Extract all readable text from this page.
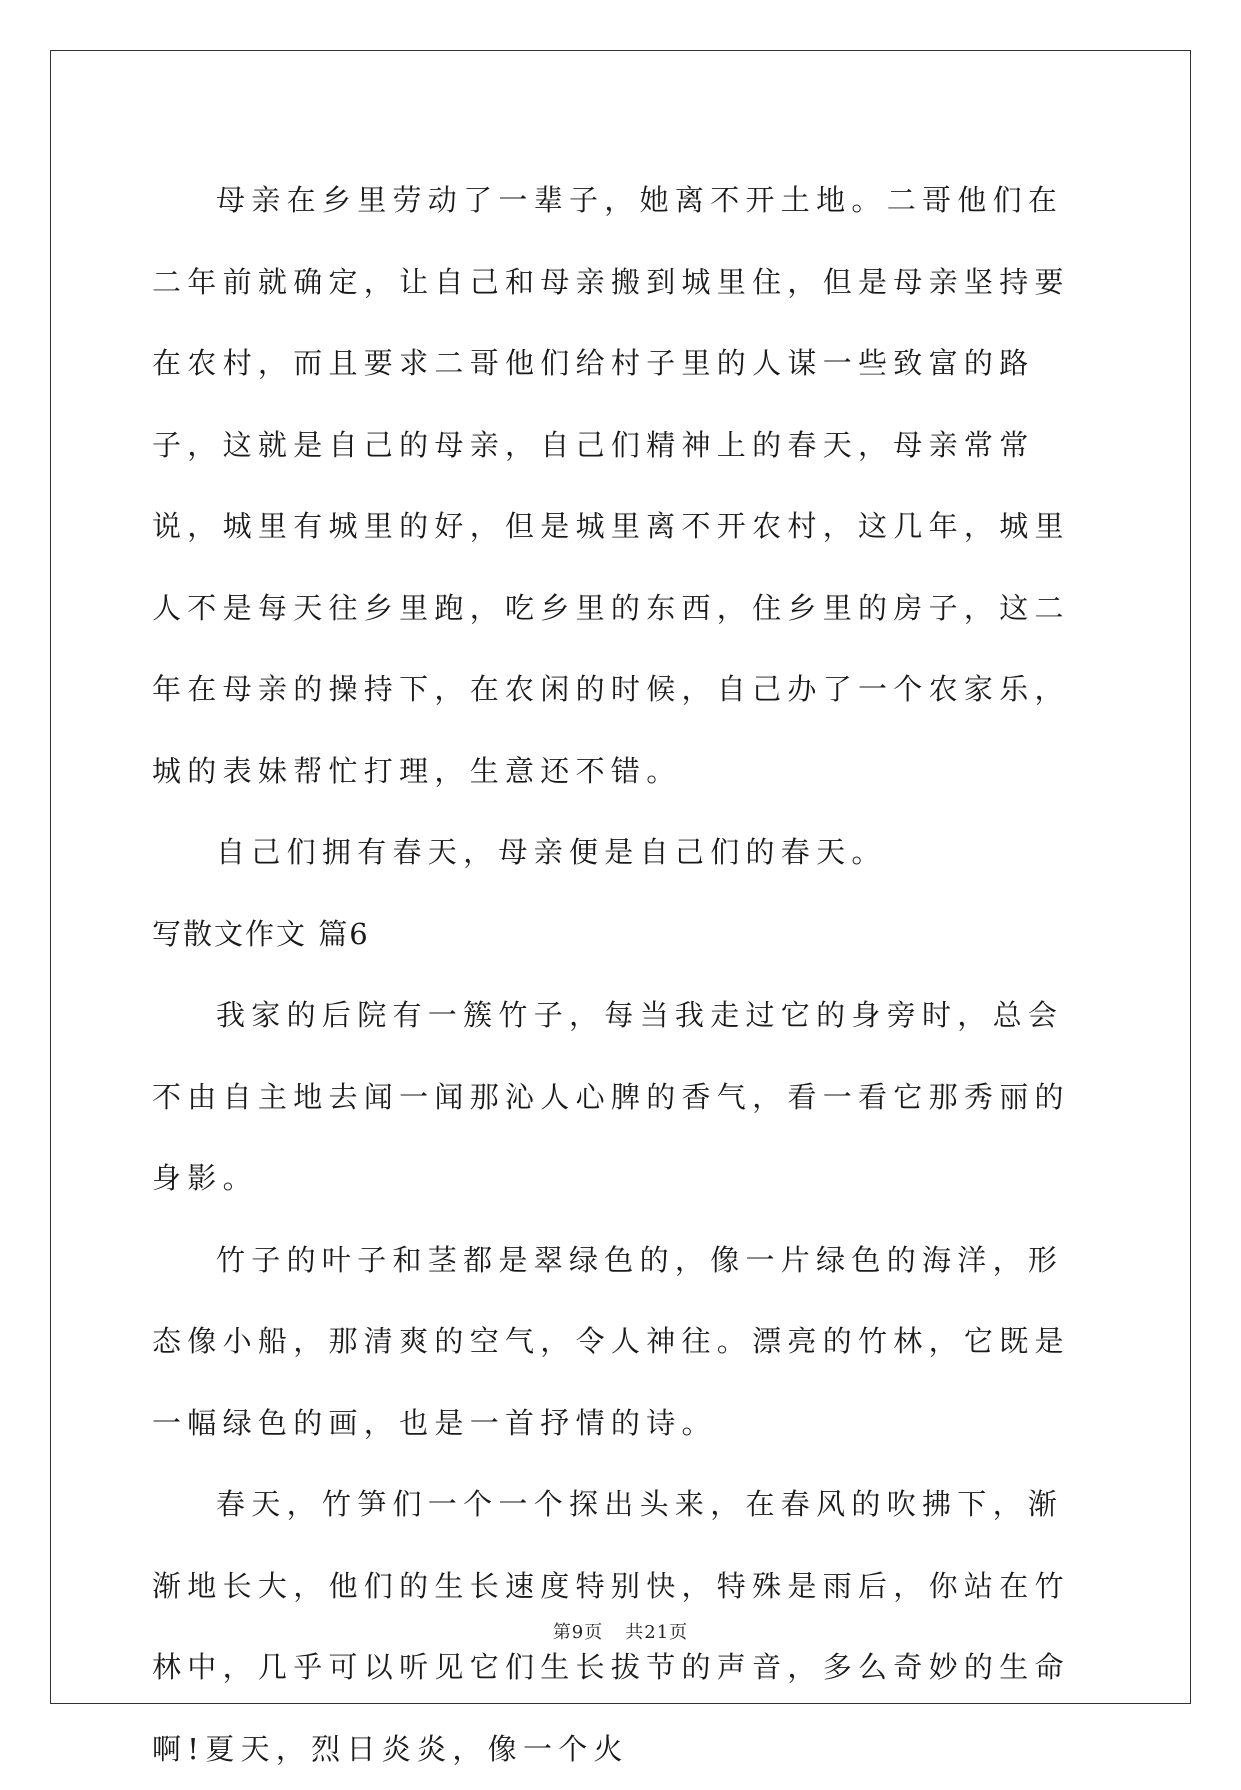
母亲在乡里劳动了一辈子，她离不开土地。二哥他们在二年前就确定，让自己和母亲搬到城里住，但是母亲坚持要在农村，而且要求二哥他们给村子里的人谋一些致富的路子，这就是自己的母亲，自己们精神上的春天，母亲常常说，城里有城里的好，但是城里离不开农村，这几年，城里人不是每天往乡里跑，吃乡里的东西，住乡里的房子，这二年在母亲的操持下，在农闲的时候，自己办了一个农家乐，城的表妹帮忙打理，生意还不错。

自己们拥有春天，母亲便是自己们的春天。

写散文作文 篇6

我家的后院有一簇竹子，每当我走过它的身旁时，总会不由自主地去闻一闻那沁人心脾的香气，看一看它那秀丽的身影。

竹子的叶子和茎都是翠绿色的，像一片绿色的海洋，形态像小船，那清爽的空气，令人神往。漂亮的竹林，它既是一幅绿色的画，也是一首抒情的诗。

春天，竹笋们一个一个探出头来，在春风的吹拂下，渐渐地长大，他们的生长速度特别快，特殊是雨后，你站在竹林中，几乎可以听见它们生长拔节的声音，多么奇妙的生命啊!夏天，烈日炎炎，像一个火

第9页 共21页
